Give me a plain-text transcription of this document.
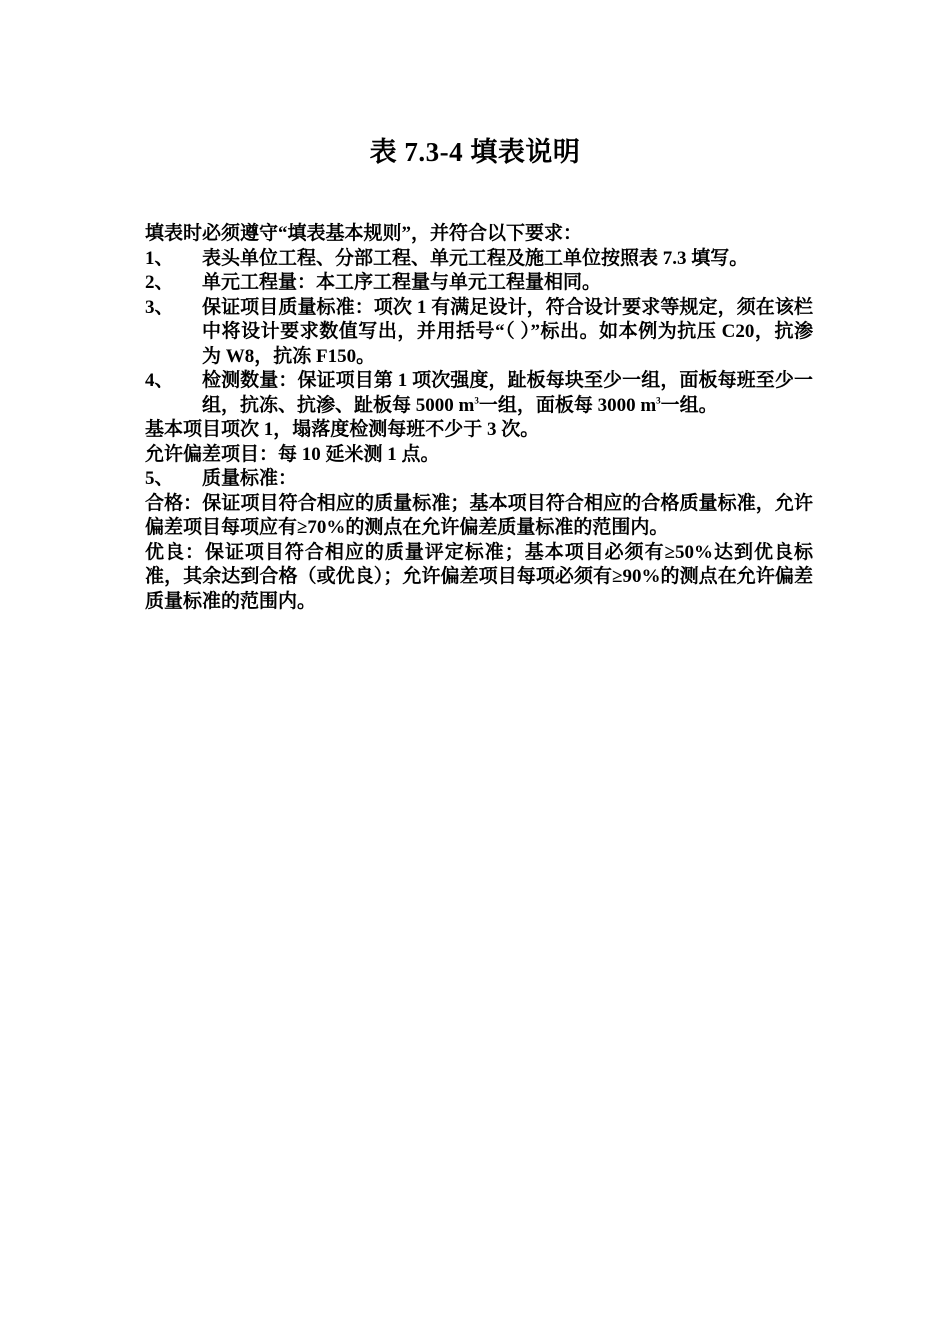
表 7.3-4 填表说明

填表时必须遵守“填表基本规则”，并符合以下要求：

1、	表头单位工程、分部工程、单元工程及施工单位按照表 7.3 填写。
2、	单元工程量：本工序工程量与单元工程量相同。
3、	保证项目质量标准：项次 1 有满足设计，符合设计要求等规定，须在该栏中将设计要求数值写出，并用括号“（ ）”标出。如本例为抗压 C20，抗渗为 W8，抗冻 F150。
4、	检测数量：保证项目第 1 项次强度，趾板每块至少一组，面板每班至少一组，抗冻、抗渗、趾板每 5000 $m^3$一组，面板每 3000 $m^3$一组。

基本项目项次 1，塌落度检测每班不少于 3 次。

允许偏差项目：每 10 延米测 1 点。

5、	质量标准：

合格：保证项目符合相应的质量标准；基本项目符合相应的合格质量标准，允许偏差项目每项应有≥70%的测点在允许偏差质量标准的范围内。

优良：保证项目符合相应的质量评定标准；基本项目必须有≥50%达到优良标准，其余达到合格（或优良）；允许偏差项目每项必须有≥90%的测点在允许偏差质量标准的范围内。
